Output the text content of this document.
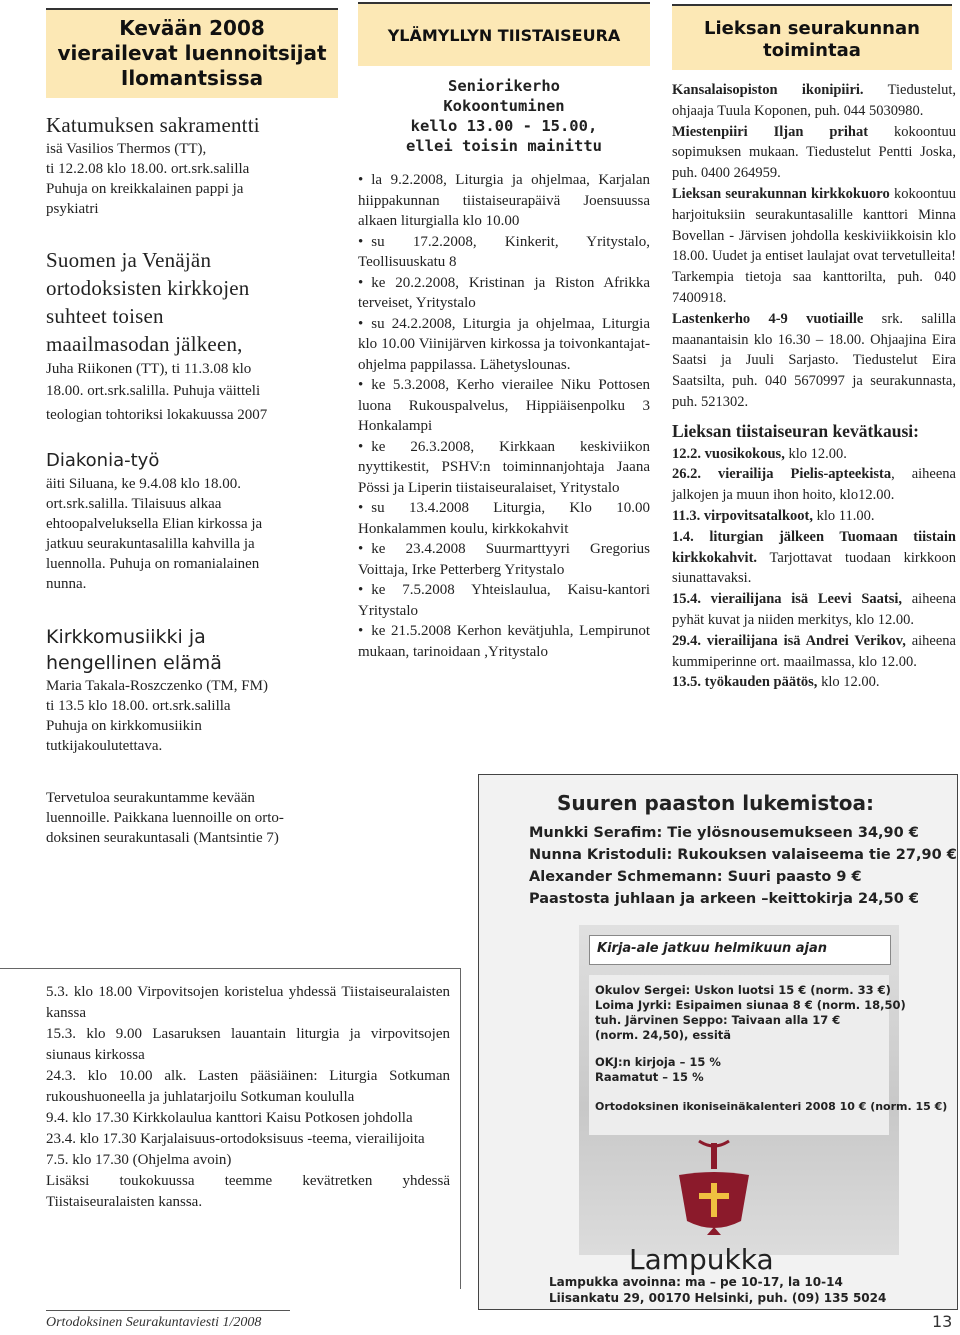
Kevään 2008
vierailevat luennoitsijat
Ilomantsissa
Katumuksen sakramentti
isä Vasilios Thermos (TT),
ti 12.2.08 klo 18.00. ort.srk.salilla
Puhuja on kreikkalainen pappi ja
psykiatri
Suomen ja Venäjän
ortodoksisten kirkkojen
suhteet toisen
maailmasodan jälkeen,
Juha Riikonen (TT), ti 11.3.08 klo
18.00. ort.srk.salilla. Puhuja väitteli
teologian tohtoriksi lokakuussa 2007
Diakonia-työ
äiti Siluana, ke 9.4.08 klo 18.00.
ort.srk.salilla. Tilaisuus alkaa
ehtoopalveluksella Elian kirkossa ja
jatkuu seurakuntasalilla kahvilla ja
luennolla. Puhuja on romanialainen
nunna.
Kirkkomusiikki ja
hengellinen elämä
Maria Takala-Roszczenko (TM, FM)
ti 13.5 klo 18.00. ort.srk.salilla
Puhuja on kirkkomusiikin
tutkijakoulutettava.
Tervetuloa seurakuntamme kevään
luennoille. Paikkana luennoille on orto-
doksinen seurakuntasali (Mantsintie 7)
YLÄMYLLYN TIISTAISEURA
Seniorikerho
Kokoontuminen
kello 13.00 - 15.00,
ellei toisin mainittu

• la 9.2.2008, Liturgia ja ohjelmaa, Karjalan hiippakunnan tiistaiseurapäivä Joensuussa alkaen liturgialla klo 10.00

• su 17.2.2008, Kinkerit, Yritystalo, Teollisuuskatu 8

• ke 20.2.2008, Kristinan ja Riston Afrikka terveiset, Yritystalo

• su 24.2.2008, Liturgia ja ohjelmaa, Liturgia klo 10.00 Viinijärven kirkossa ja toivonkantajat-ohjelma pappilassa. Lähetyslounas.

• ke 5.3.2008, Kerho vierailee Niku Pottosen luona Rukouspalvelus, Hippiäisenpolku 3 Honkalampi

• ke 26.3.2008, Kirkkaan keskiviikon nyyttikestit, PSHV:n toiminnanjohtaja Jaana Pössi ja Liperin tiistaiseuralaiset, Yritystalo

• su 13.4.2008 Liturgia, Klo 10.00 Honkalammen koulu, kirkkokahvit

• ke 23.4.2008 Suurmarttyyri Gregorius Voittaja, Irke Petterberg Yritystalo

• ke 7.5.2008 Yhteislaulua, Kaisu-kantori Yritystalo

• ke 21.5.2008 Kerhon kevätjuhla, Lempirunot mukaan, tarinoidaan ,Yritystalo

Lieksan seurakunnan
toimintaa

Kansalaisopiston ikonipiiri. Tiedustelut, ohjaaja Tuula Koponen, puh. 044 5030980.

Miestenpiiri Iljan prihat kokoontuu sopimuksen mukaan. Tiedustelut Pentti Joska, puh. 0400 264959.

Lieksan seurakunnan kirkkokuoro kokoontuu harjoituksiin seurakuntasalille kanttori Minna Bovellan - Järvisen johdolla keskiviikkoisin klo 18.00. Uudet ja entiset laulajat ovat tervetulleita! Tarkempia tietoja saa kanttorilta, puh. 040 7400918.

Lastenkerho 4-9 vuotiaille srk. salilla maanantaisin klo 16.30 – 18.00. Ohjaajina Eira Saatsi ja Juuli Sarjasto. Tiedustelut Eira Saatsilta, puh. 040 5670997 ja seurakunnasta, puh. 521302.

Lieksan tiistaiseuran kevätkausi:

12.2. vuosikokous, klo 12.00.

26.2. vierailija Pielis-apteekista, aiheena jalkojen ja muun ihon hoito, klo12.00.

11.3. virpovitsatalkoot, klo 11.00.

1.4. liturgian jälkeen Tuomaan tiistain kirkkokahvit. Tarjottavat tuodaan kirkkoon siunattavaksi.

15.4. vierailijana isä Leevi Saatsi, aiheena pyhät kuvat ja niiden merkitys, klo 12.00.

29.4. vierailijana isä Andrei Verikov, aiheena kummiperinne ort. maailmassa, klo 12.00.

13.5. työkauden päätös, klo 12.00.

Suuren paaston lukemistoa:
Munkki Serafim: Tie ylösnousemukseen 34,90 €
Nunna Kristoduli: Rukouksen valaiseema tie 27,90 €
Alexander Schmemann: Suuri paasto 9 €
Paastosta juhlaan ja arkeen –keittokirja 24,50 €
Kirja-ale jatkuu helmikuun ajan
Okulov Sergei: Uskon luotsi 15 € (norm. 33 €)
Loima Jyrki: Esipaimen siunaa 8 € (norm. 18,50)
tuh. Järvinen Seppo: Taivaan alla 17 €
(norm. 24,50), essitä
OKJ:n kirjoja – 15 %
Raamatut – 15 %
Ortodoksinen ikoniseinäkalenteri 2008 10 € (norm. 15 €)
Lampukka
Lampukka avoinna: ma – pe 10-17, la 10-14
Liisankatu 29, 00170 Helsinki, puh. (09) 135 5024
5.3. klo 18.00 Virpovitsojen koristelua yhdessä Tiistaiseuralaisten kanssa
15.3. klo 9.00 Lasaruksen lauantain liturgia ja virpovitsojen siunaus kirkossa
24.3. klo 10.00 alk. Lasten pääsiäinen: Liturgia Sotkuman rukoushuoneella ja juhlatarjoilu Sotkuman koululla
9.4. klo 17.30 Kirkkolaulua kanttori Kaisu Potkosen johdolla
23.4. klo 17.30 Karjalaisuus-ortodoksisuus -teema, vierailijoita
7.5. klo 17.30 (Ohjelma avoin)
Lisäksi toukokuussa teemme kevätretken yhdessä Tiistaiseuralaisten kanssa.
Ortodoksinen Seurakuntaviesti 1/2008	13
